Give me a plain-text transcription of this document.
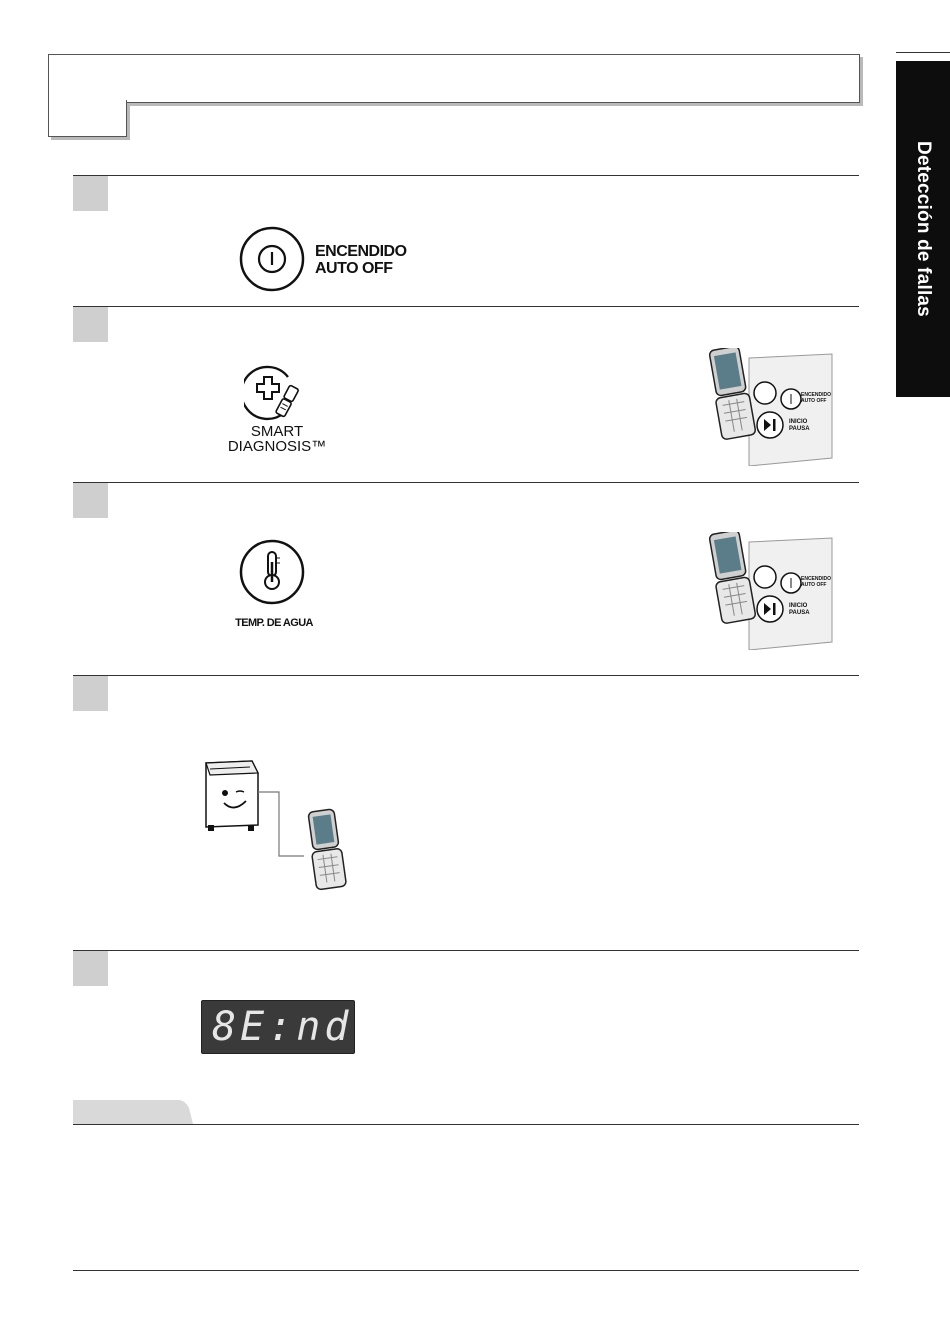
Detección de fallas
ENCENDIDO
AUTO OFF
SMART
DIAGNOSIS™
ENCENDIDO
AUTO OFF
INICIO
PAUSA
TEMP. DE AGUA
ENCENDIDO
AUTO OFF
INICIO
PAUSA
8E:nd
